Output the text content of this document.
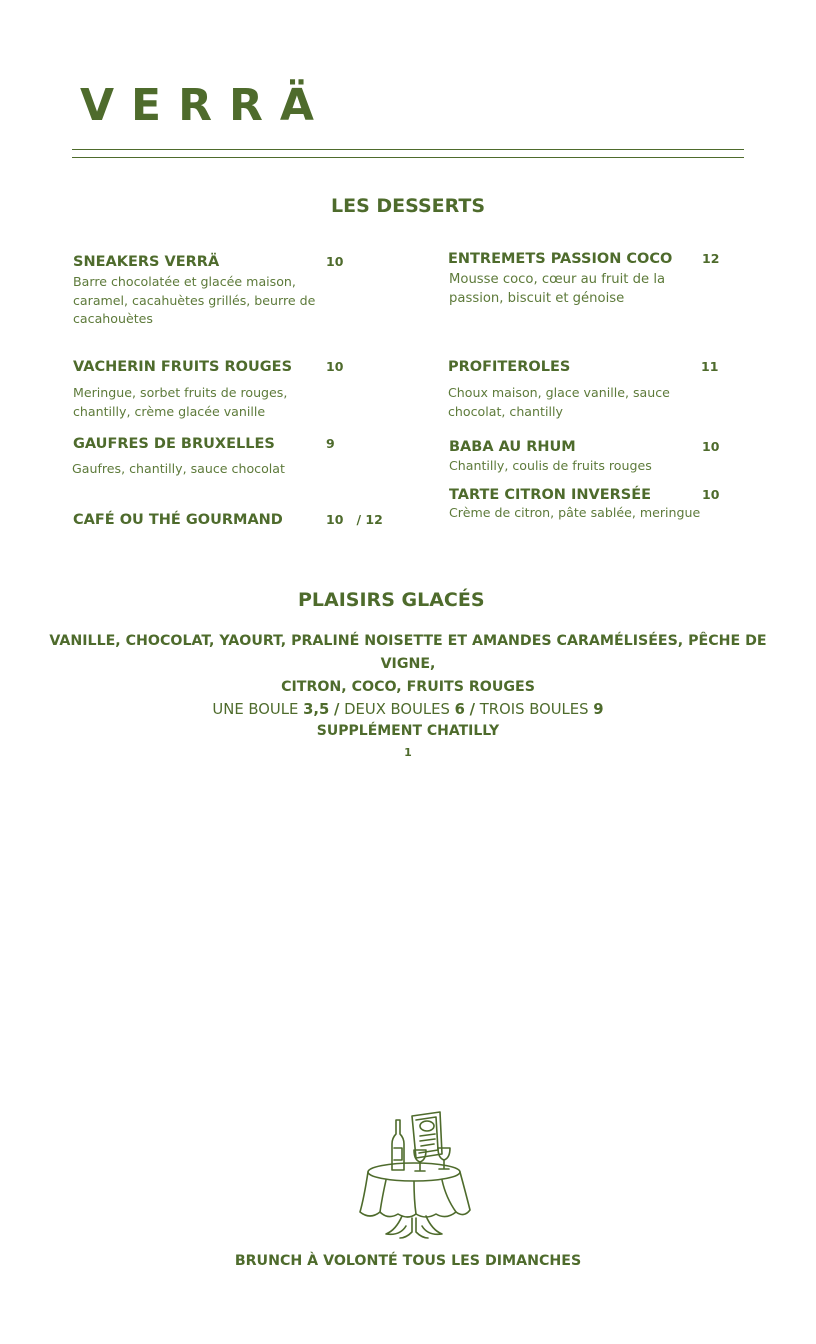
VERRÄ
LES DESSERTS
SNEAKERS VERRÄ	10
Barre chocolatée et glacée maison,
caramel, cacahuètes grillés, beurre de
cacahouètes
VACHERIN FRUITS ROUGES	10
Meringue, sorbet fruits de rouges,
chantilly, crème glacée vanille
GAUFRES DE BRUXELLES	9
Gaufres, chantilly, sauce chocolat
CAFÉ OU THÉ GOURMAND	10   / 12
ENTREMETS PASSION COCO 12
Mousse coco, cœur au fruit de la
passion, biscuit et génoise
PROFITEROLES	11
Choux maison, glace vanille, sauce
chocolat, chantilly
BABA AU RHUM	10
Chantilly, coulis de fruits rouges
TARTE CITRON INVERSÉE	10
Crème de citron, pâte sablée, meringue
PLAISIRS GLACÉS
VANILLE, CHOCOLAT, YAOURT, PRALINÉ NOISETTE ET AMANDES CARAMÉLISÉES, PÊCHE DE VIGNE,
CITRON, COCO, FRUITS ROUGES
UNE BOULE 3,5 / DEUX BOULES 6 / TROIS BOULES 9
SUPPLÉMENT CHATILLY
1
BRUNCH À VOLONTÉ TOUS LES DIMANCHES
